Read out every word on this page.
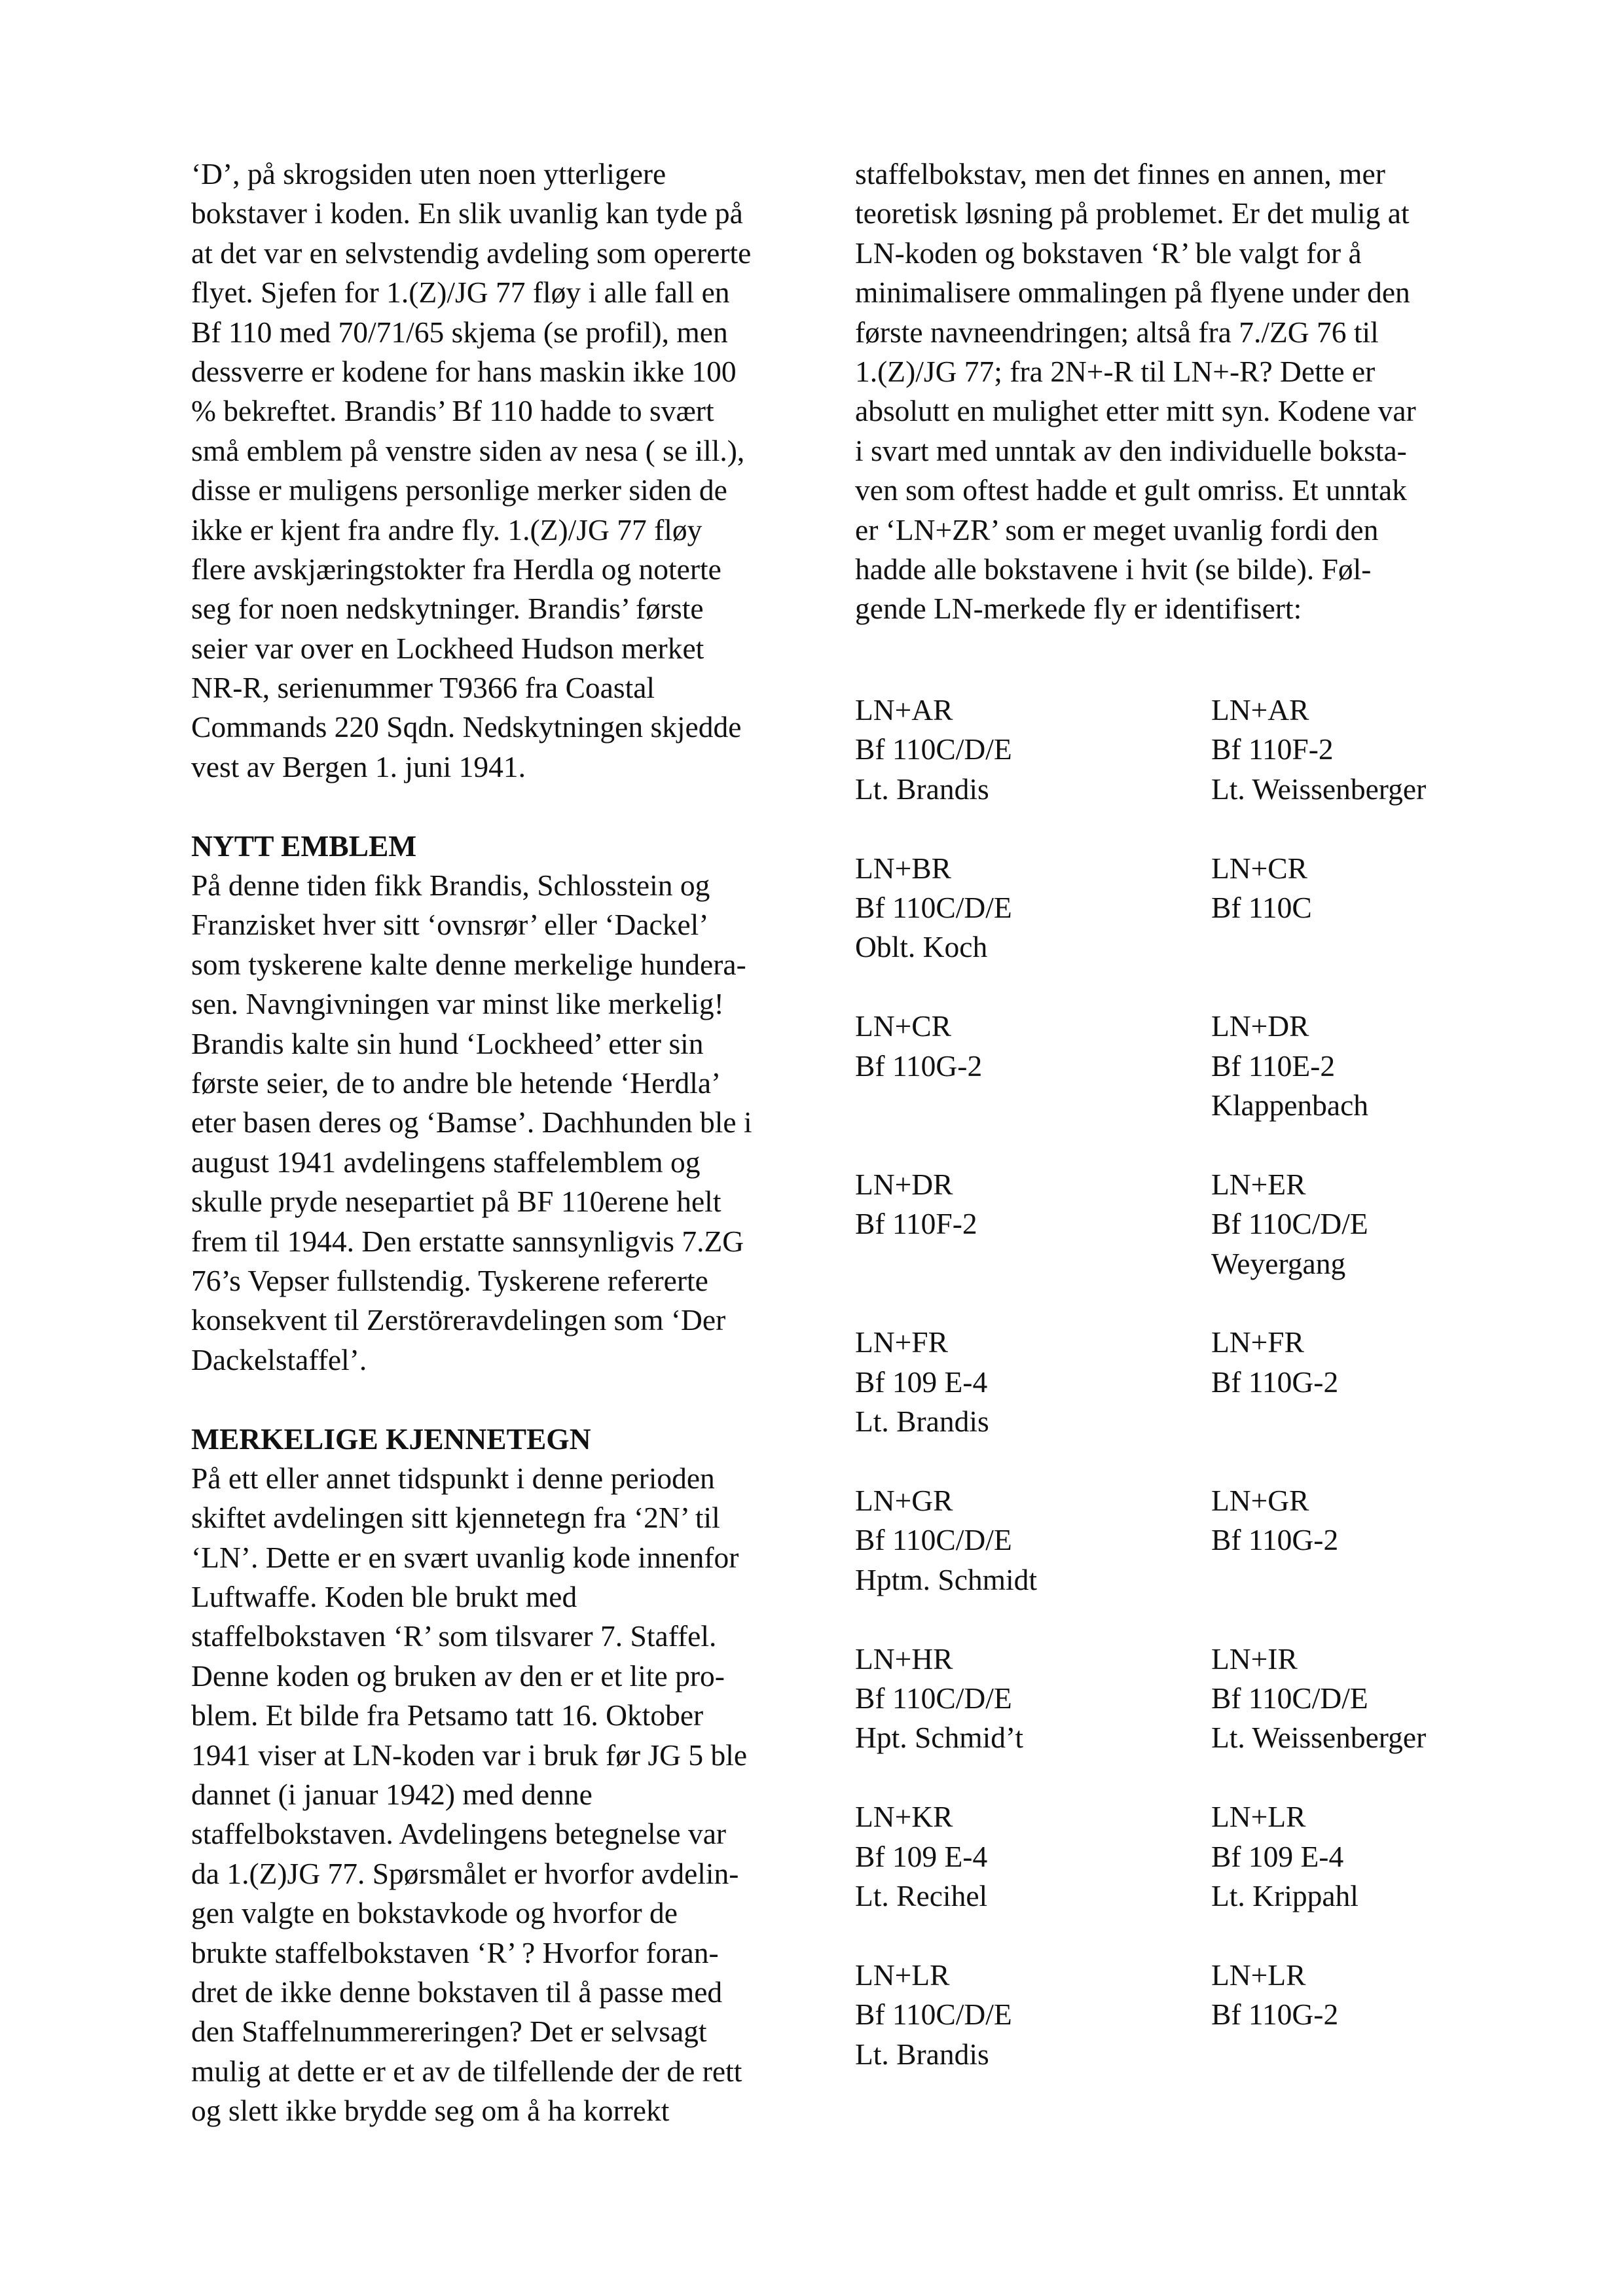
‘D’, på skrogsiden uten noen ytterligere
bokstaver i koden. En slik uvanlig kan tyde på
at det var en selvstendig avdeling som opererte
flyet. Sjefen for 1.(Z)/JG 77 fløy i alle fall en
Bf 110 med 70/71/65 skjema (se profil), men
dessverre er kodene for hans maskin ikke 100
% bekreftet. Brandis’ Bf 110 hadde to svært
små emblem på venstre siden av nesa ( se ill.),
disse er muligens personlige merker siden de
ikke er kjent fra andre fly. 1.(Z)/JG 77 fløy
flere avskjæringstokter fra Herdla og noterte
seg for noen nedskytninger. Brandis’ første
seier var over en Lockheed Hudson merket
NR-R, serienummer T9366 fra Coastal
Commands 220 Sqdn. Nedskytningen skjedde
vest av Bergen 1. juni 1941.
NYTT EMBLEM
På denne tiden fikk Brandis, Schlosstein og
Franzisket hver sitt ‘ovnsrør’ eller ‘Dackel’
som tyskerene kalte denne merkelige hundera-
sen. Navngivningen var minst like merkelig!
Brandis kalte sin hund ‘Lockheed’ etter sin
første seier, de to andre ble hetende ‘Herdla’
eter basen deres og ‘Bamse’. Dachhunden ble i
august 1941 avdelingens staffelemblem og
skulle pryde nesepartiet på BF 110erene helt
frem til 1944. Den erstatte sannsynligvis 7.ZG
76’s Vepser fullstendig. Tyskerene refererte
konsekvent til Zerstöreravdelingen som ‘Der
Dackelstaffel’.
MERKELIGE KJENNETEGN
På ett eller annet tidspunkt i denne perioden
skiftet avdelingen sitt kjennetegn fra ‘2N’ til
‘LN’. Dette er en svært uvanlig kode innenfor
Luftwaffe. Koden ble brukt med
staffelbokstaven ‘R’ som tilsvarer 7. Staffel.
Denne koden og bruken av den er et lite pro-
blem. Et bilde fra Petsamo tatt 16. Oktober
1941 viser at LN-koden var i bruk før JG 5 ble
dannet (i januar 1942) med denne
staffelbokstaven. Avdelingens betegnelse var
da 1.(Z)JG 77. Spørsmålet er hvorfor avdelin-
gen valgte en bokstavkode og hvorfor de
brukte staffelbokstaven ‘R’ ? Hvorfor foran-
dret de ikke denne bokstaven til å passe med
den Staffelnummereringen? Det er selvsagt
mulig at dette er et av de tilfellende der de rett
og slett ikke brydde seg om å ha korrekt
staffelbokstav, men det finnes en annen, mer
teoretisk løsning på problemet. Er det mulig at
LN-koden og bokstaven ‘R’ ble valgt for å
minimalisere ommalingen på flyene under den
første navneendringen; altså fra 7./ZG 76 til
1.(Z)/JG 77; fra 2N+-R til LN+-R? Dette er
absolutt en mulighet etter mitt syn. Kodene var
i svart med unntak av den individuelle boksta-
ven som oftest hadde et gult omriss. Et unntak
er ‘LN+ZR’ som er meget uvanlig fordi den
hadde alle bokstavene i hvit (se bilde). Føl-
gende LN-merkede fly er identifisert:
LN+AR
Bf 110C/D/E
Lt. Brandis
LN+AR
Bf 110F-2
Lt. Weissenberger
LN+BR
Bf 110C/D/E
Oblt. Koch
LN+CR
Bf 110C
LN+CR
Bf 110G-2
LN+DR
Bf 110E-2
Klappenbach
LN+DR
Bf 110F-2
LN+ER
Bf 110C/D/E
Weyergang
LN+FR
Bf 109 E-4
Lt. Brandis
LN+FR
Bf 110G-2
LN+GR
Bf 110C/D/E
Hptm. Schmidt
LN+GR
Bf 110G-2
LN+HR
Bf 110C/D/E
Hpt. Schmid’t
LN+IR
Bf 110C/D/E
Lt. Weissenberger
LN+KR
Bf 109 E-4
Lt. Recihel
LN+LR
Bf 109 E-4
Lt. Krippahl
LN+LR
Bf 110C/D/E
Lt. Brandis
LN+LR
Bf 110G-2
